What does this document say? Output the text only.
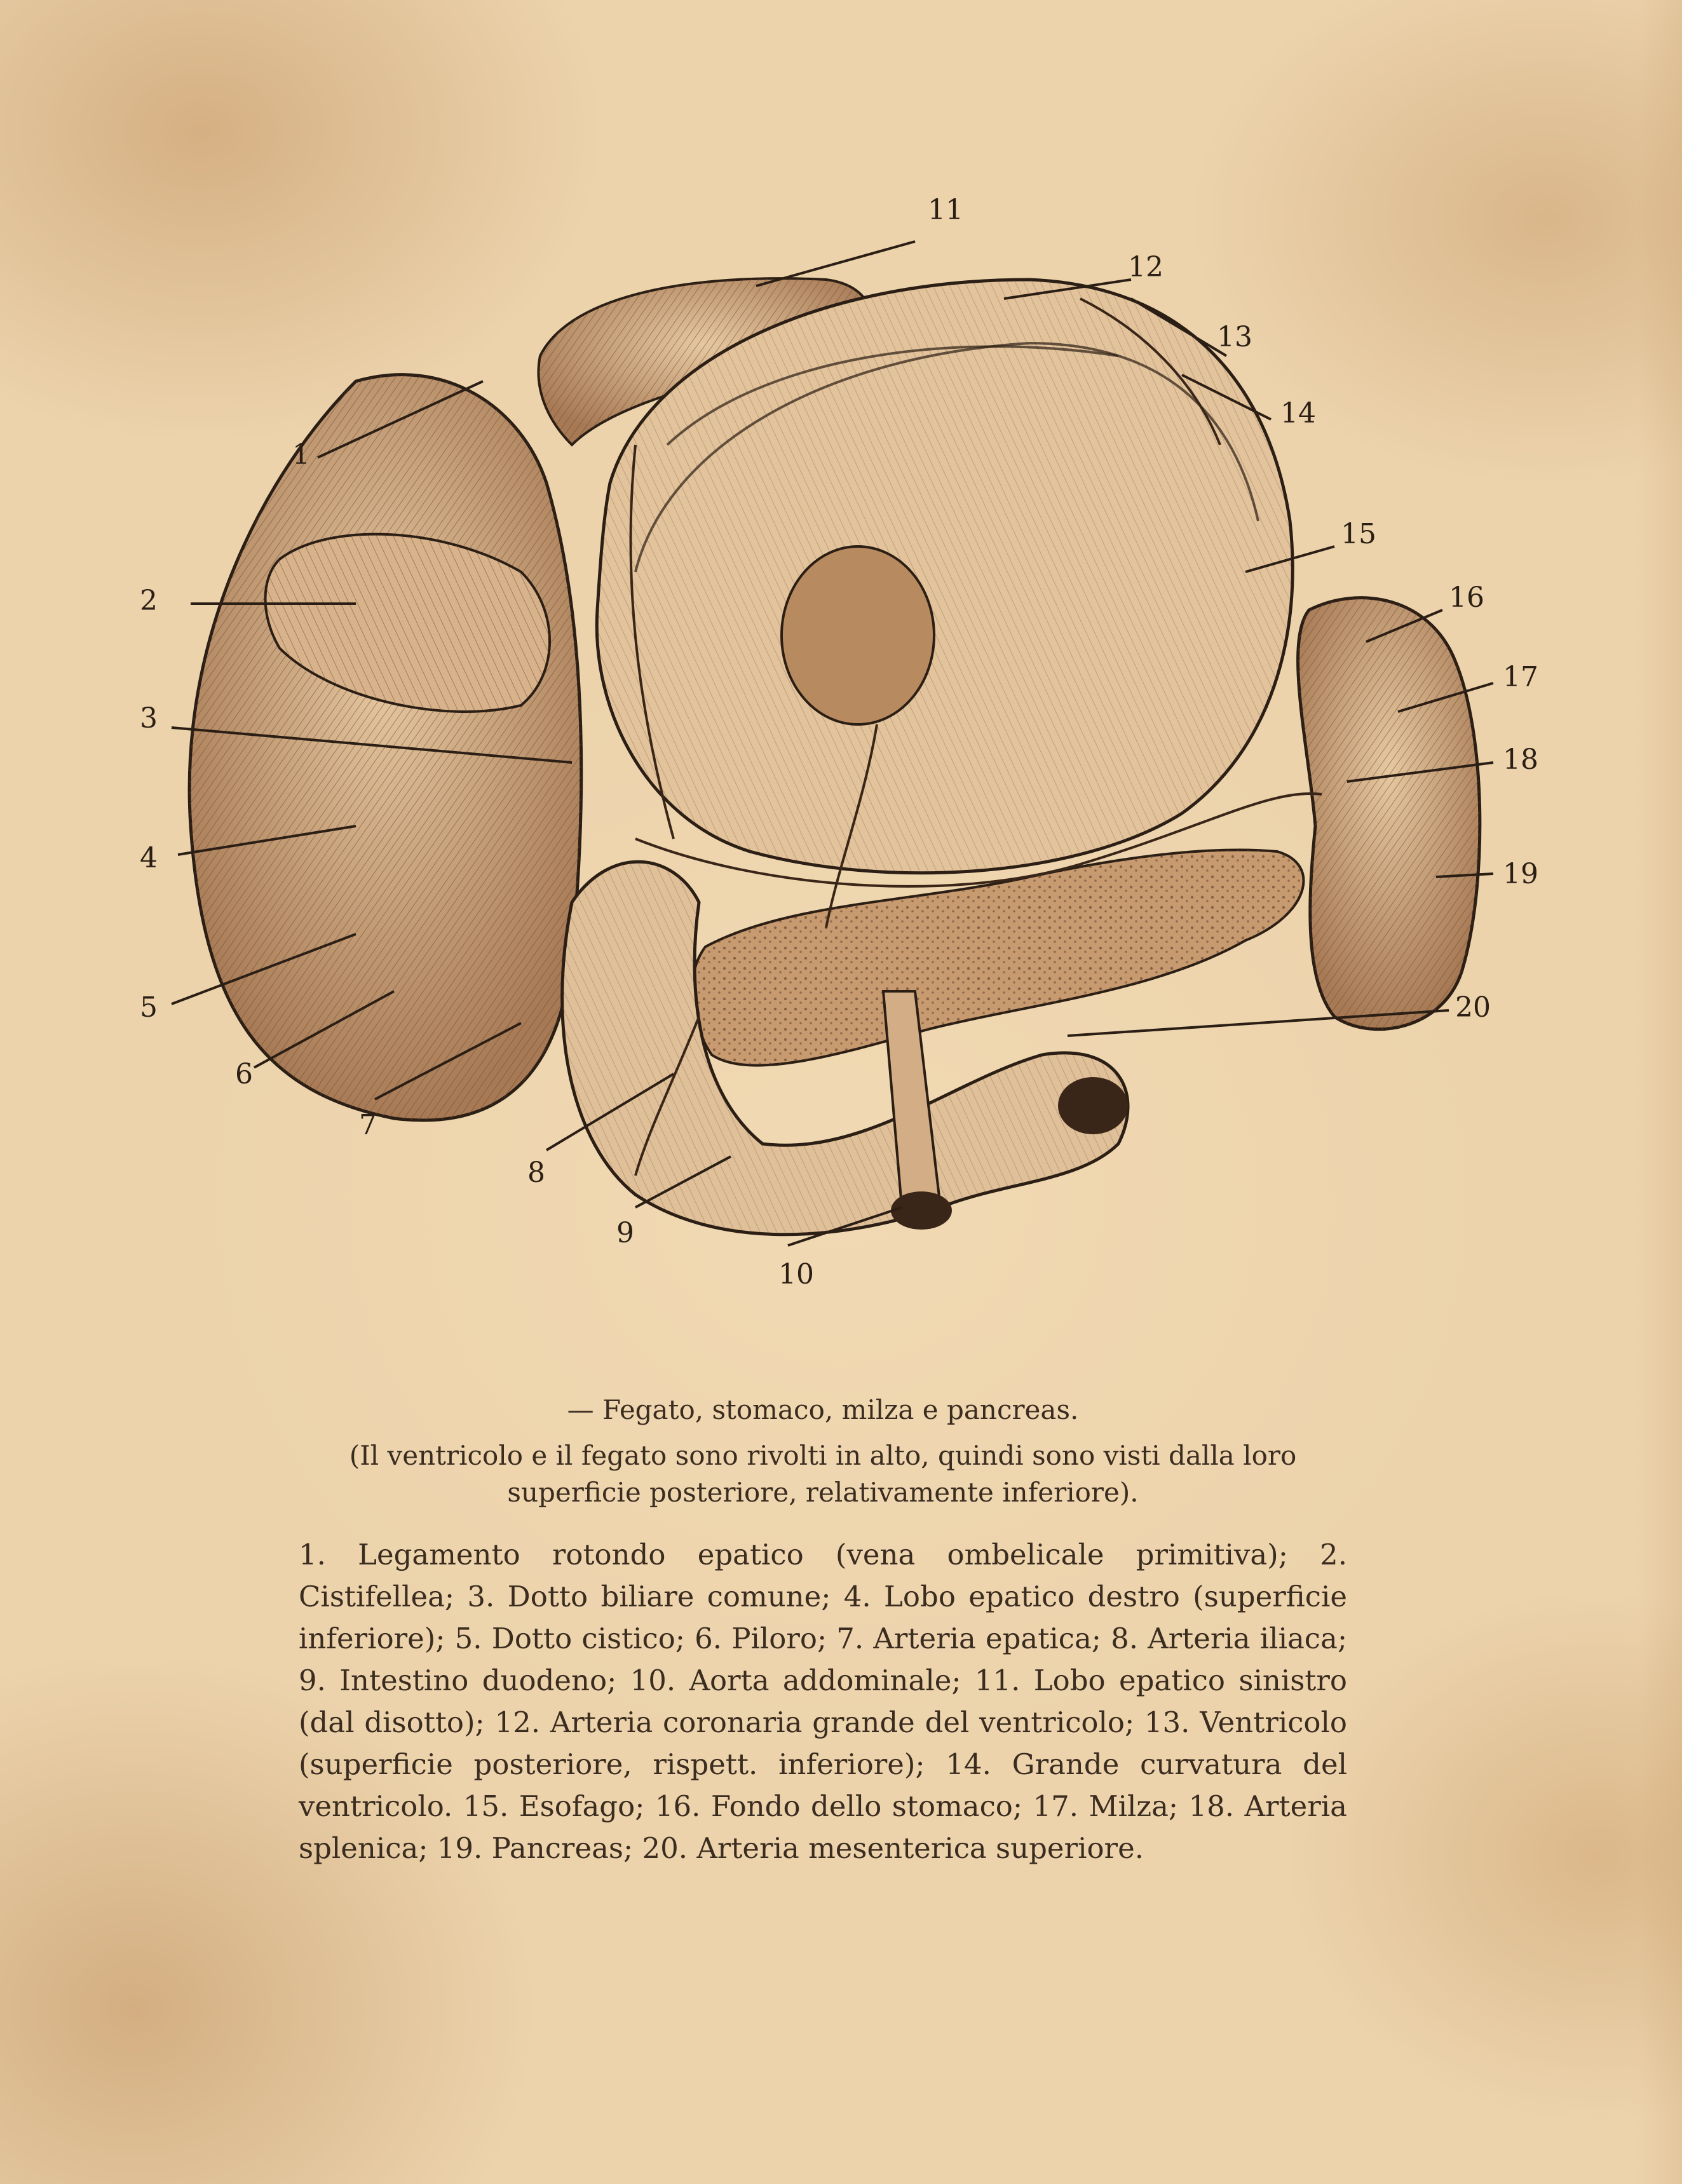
1
2
3
4
5
6
7
8
9
10
11
12
13
14
15
16
17
18
19
20
— Fegato, stomaco, milza e pancreas.
(Il ventricolo e il fegato sono rivolti in alto, quindi sono visti dalla loro superficie posteriore, relativamente inferiore).
1. Legamento rotondo epatico (vena ombelicale primitiva); 2. Cistifellea; 3. Dotto biliare comune; 4. Lobo epatico destro (superficie inferiore); 5. Dotto cistico; 6. Piloro; 7. Arteria epatica; 8. Arteria iliaca; 9. Intestino duodeno; 10. Aorta addominale; 11. Lobo epatico sinistro (dal disotto); 12. Arteria coronaria grande del ventricolo; 13. Ventricolo (superficie posteriore, rispett. inferiore); 14. Grande curvatura del ventricolo. 15. Esofago; 16. Fondo dello stomaco; 17. Milza; 18. Arteria splenica; 19. Pancreas; 20. Arteria mesenterica superiore.
